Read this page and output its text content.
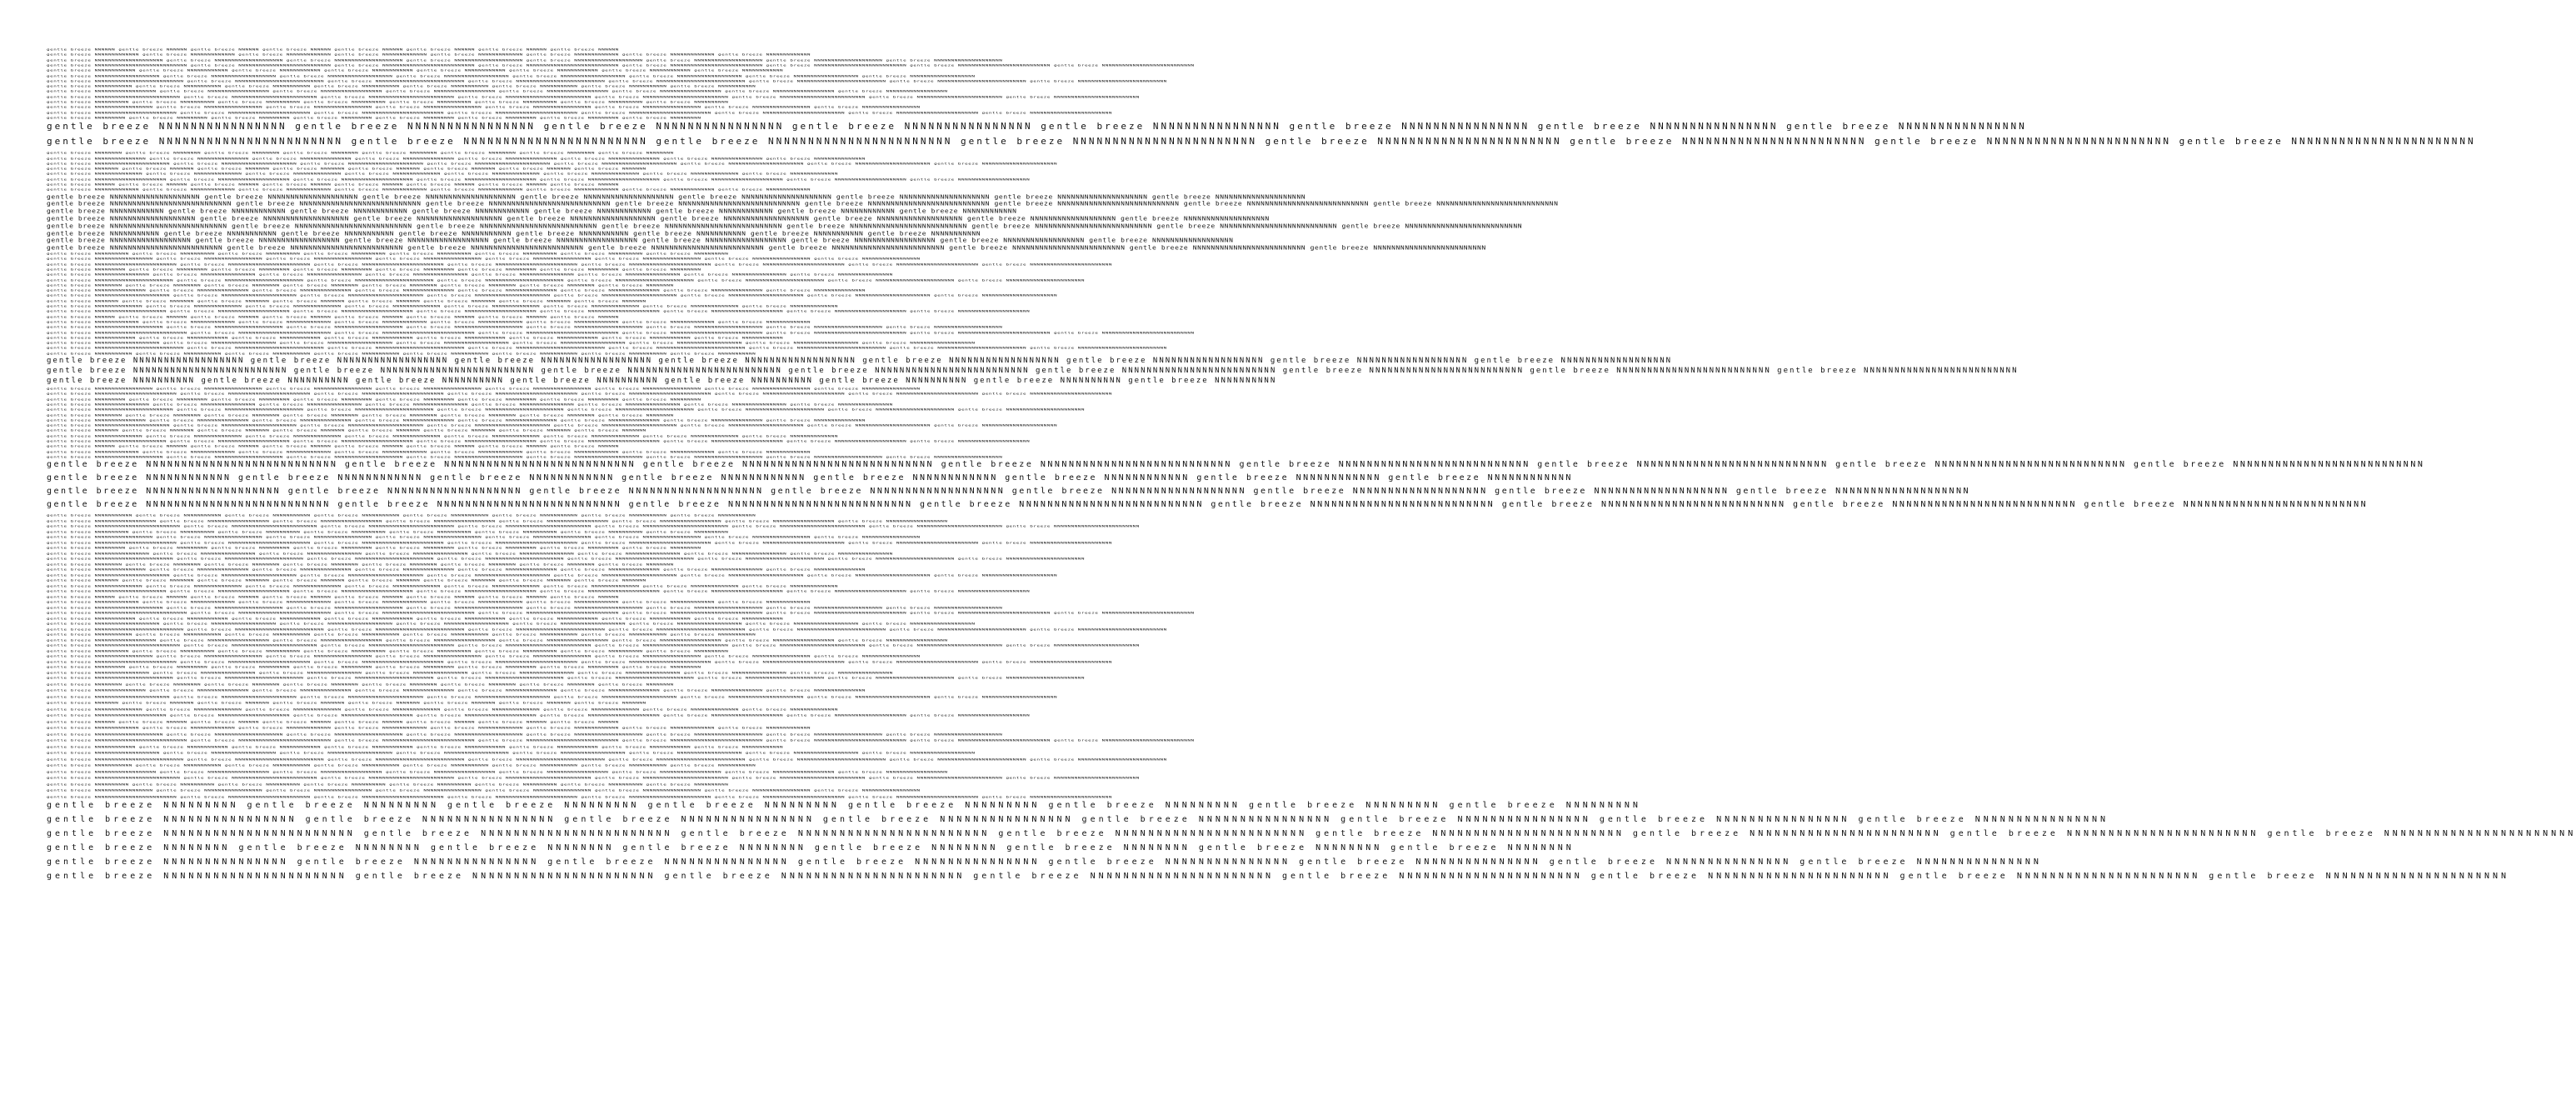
gentle breeze NNNNNN gentle breeze NNNNNN gentle breeze NNNNNN gentle breeze NNNNNN gentle breeze NNNNNN gentle breeze NNNNNN gentle breeze NNNNNN gentle breeze NNNNNN
gentle breeze NNNNNNNNNNNNN gentle breeze NNNNNNNNNNNNN gentle breeze NNNNNNNNNNNNN gentle breeze NNNNNNNNNNNNN gentle breeze NNNNNNNNNNNNN gentle breeze NNNNNNNNNNNNN gentle breeze NNNNNNNNNNNNN gentle breeze NNNNNNNNNNNNN
gentle breeze NNNNNNNNNNNNNNNNNNNN gentle breeze NNNNNNNNNNNNNNNNNNNN gentle breeze NNNNNNNNNNNNNNNNNNNN gentle breeze NNNNNNNNNNNNNNNNNNNN gentle breeze NNNNNNNNNNNNNNNNNNNN gentle breeze NNNNNNNNNNNNNNNNNNNN gentle breeze NNNNNNNNNNNNNNNNNNNN gentle breeze NNNNNNNNNNNNNNNNNNNN
gentle breeze NNNNNNNNNNNNNNNNNNNNNNNNNNN gentle breeze NNNNNNNNNNNNNNNNNNNNNNNNNNN gentle breeze NNNNNNNNNNNNNNNNNNNNNNNNNNN gentle breeze NNNNNNNNNNNNNNNNNNNNNNNNNNN gentle breeze NNNNNNNNNNNNNNNNNNNNNNNNNNN gentle breeze NNNNNNNNNNNNNNNNNNNNNNNNNNN gentle breeze NNNNNNNNNNNNNNNNNNNNNNNNNNN gentle breeze NNNNNNNNNNNNNNNNNNNNNNNNNNN
gentle breeze NNNNNNNNNNNN gentle breeze NNNNNNNNNNNN gentle breeze NNNNNNNNNNNN gentle breeze NNNNNNNNNNNN gentle breeze NNNNNNNNNNNN gentle breeze NNNNNNNNNNNN gentle breeze NNNNNNNNNNNN gentle breeze NNNNNNNNNNNN
gentle breeze NNNNNNNNNNNNNNNNNNN gentle breeze NNNNNNNNNNNNNNNNNNN gentle breeze NNNNNNNNNNNNNNNNNNN gentle breeze NNNNNNNNNNNNNNNNNNN gentle breeze NNNNNNNNNNNNNNNNNNN gentle breeze NNNNNNNNNNNNNNNNNNN gentle breeze NNNNNNNNNNNNNNNNNNN gentle breeze NNNNNNNNNNNNNNNNNNN
gentle breeze NNNNNNNNNNNNNNNNNNNNNNNNNN gentle breeze NNNNNNNNNNNNNNNNNNNNNNNNNN gentle breeze NNNNNNNNNNNNNNNNNNNNNNNNNN gentle breeze NNNNNNNNNNNNNNNNNNNNNNNNNN gentle breeze NNNNNNNNNNNNNNNNNNNNNNNNNN gentle breeze NNNNNNNNNNNNNNNNNNNNNNNNNN gentle breeze NNNNNNNNNNNNNNNNNNNNNNNNNN gentle breeze NNNNNNNNNNNNNNNNNNNNNNNNNN
gentle breeze NNNNNNNNNNN gentle breeze NNNNNNNNNNN gentle breeze NNNNNNNNNNN gentle breeze NNNNNNNNNNN gentle breeze NNNNNNNNNNN gentle breeze NNNNNNNNNNN gentle breeze NNNNNNNNNNN gentle breeze NNNNNNNNNNN
gentle breeze NNNNNNNNNNNNNNNNNN gentle breeze NNNNNNNNNNNNNNNNNN gentle breeze NNNNNNNNNNNNNNNNNN gentle breeze NNNNNNNNNNNNNNNNNN gentle breeze NNNNNNNNNNNNNNNNNN gentle breeze NNNNNNNNNNNNNNNNNN gentle breeze NNNNNNNNNNNNNNNNNN gentle breeze NNNNNNNNNNNNNNNNNN
gentle breeze NNNNNNNNNNNNNNNNNNNNNNNNN gentle breeze NNNNNNNNNNNNNNNNNNNNNNNNN gentle breeze NNNNNNNNNNNNNNNNNNNNNNNNN gentle breeze NNNNNNNNNNNNNNNNNNNNNNNNN gentle breeze NNNNNNNNNNNNNNNNNNNNNNNNN gentle breeze NNNNNNNNNNNNNNNNNNNNNNNNN gentle breeze NNNNNNNNNNNNNNNNNNNNNNNNN gentle breeze NNNNNNNNNNNNNNNNNNNNNNNNN
gentle breeze NNNNNNNNNN gentle breeze NNNNNNNNNN gentle breeze NNNNNNNNNN gentle breeze NNNNNNNNNN gentle breeze NNNNNNNNNN gentle breeze NNNNNNNNNN gentle breeze NNNNNNNNNN gentle breeze NNNNNNNNNN
gentle breeze NNNNNNNNNNNNNNNNN gentle breeze NNNNNNNNNNNNNNNNN gentle breeze NNNNNNNNNNNNNNNNN gentle breeze NNNNNNNNNNNNNNNNN gentle breeze NNNNNNNNNNNNNNNNN gentle breeze NNNNNNNNNNNNNNNNN gentle breeze NNNNNNNNNNNNNNNNN gentle breeze NNNNNNNNNNNNNNNNN
gentle breeze NNNNNNNNNNNNNNNNNNNNNNNN gentle breeze NNNNNNNNNNNNNNNNNNNNNNNN gentle breeze NNNNNNNNNNNNNNNNNNNNNNNN gentle breeze NNNNNNNNNNNNNNNNNNNNNNNN gentle breeze NNNNNNNNNNNNNNNNNNNNNNNN gentle breeze NNNNNNNNNNNNNNNNNNNNNNNN gentle breeze NNNNNNNNNNNNNNNNNNNNNNNN gentle breeze NNNNNNNNNNNNNNNNNNNNNNNN
gentle breeze NNNNNNNNN gentle breeze NNNNNNNNN gentle breeze NNNNNNNNN gentle breeze NNNNNNNNN gentle breeze NNNNNNNNN gentle breeze NNNNNNNNN gentle breeze NNNNNNNNN gentle breeze NNNNNNNNN
gentle breeze NNNNNNNNNNNNNNNN gentle breeze NNNNNNNNNNNNNNNN gentle breeze NNNNNNNNNNNNNNNN gentle breeze NNNNNNNNNNNNNNNN gentle breeze NNNNNNNNNNNNNNNN gentle breeze NNNNNNNNNNNNNNNN gentle breeze NNNNNNNNNNNNNNNN gentle breeze NNNNNNNNNNNNNNNN
gentle breeze NNNNNNNNNNNNNNNNNNNNNNN gentle breeze NNNNNNNNNNNNNNNNNNNNNNN gentle breeze NNNNNNNNNNNNNNNNNNNNNNN gentle breeze NNNNNNNNNNNNNNNNNNNNNNN gentle breeze NNNNNNNNNNNNNNNNNNNNNNN gentle breeze NNNNNNNNNNNNNNNNNNNNNNN gentle breeze NNNNNNNNNNNNNNNNNNNNNNN gentle breeze NNNNNNNNNNNNNNNNNNNNNNN
gentle breeze NNNNNNNN gentle breeze NNNNNNNN gentle breeze NNNNNNNN gentle breeze NNNNNNNN gentle breeze NNNNNNNN gentle breeze NNNNNNNN gentle breeze NNNNNNNN gentle breeze NNNNNNNN
gentle breeze NNNNNNNNNNNNNNN gentle breeze NNNNNNNNNNNNNNN gentle breeze NNNNNNNNNNNNNNN gentle breeze NNNNNNNNNNNNNNN gentle breeze NNNNNNNNNNNNNNN gentle breeze NNNNNNNNNNNNNNN gentle breeze NNNNNNNNNNNNNNN gentle breeze NNNNNNNNNNNNNNN
gentle breeze NNNNNNNNNNNNNNNNNNNNNN gentle breeze NNNNNNNNNNNNNNNNNNNNNN gentle breeze NNNNNNNNNNNNNNNNNNNNNN gentle breeze NNNNNNNNNNNNNNNNNNNNNN gentle breeze NNNNNNNNNNNNNNNNNNNNNN gentle breeze NNNNNNNNNNNNNNNNNNNNNN gentle breeze NNNNNNNNNNNNNNNNNNNNNN gentle breeze NNNNNNNNNNNNNNNNNNNNNN
gentle breeze NNNNNNN gentle breeze NNNNNNN gentle breeze NNNNNNN gentle breeze NNNNNNN gentle breeze NNNNNNN gentle breeze NNNNNNN gentle breeze NNNNNNN gentle breeze NNNNNNN
gentle breeze NNNNNNNNNNNNNN gentle breeze NNNNNNNNNNNNNN gentle breeze NNNNNNNNNNNNNN gentle breeze NNNNNNNNNNNNNN gentle breeze NNNNNNNNNNNNNN gentle breeze NNNNNNNNNNNNNN gentle breeze NNNNNNNNNNNNNN gentle breeze NNNNNNNNNNNNNN
gentle breeze NNNNNNNNNNNNNNNNNNNNN gentle breeze NNNNNNNNNNNNNNNNNNNNN gentle breeze NNNNNNNNNNNNNNNNNNNNN gentle breeze NNNNNNNNNNNNNNNNNNNNN gentle breeze NNNNNNNNNNNNNNNNNNNNN gentle breeze NNNNNNNNNNNNNNNNNNNNN gentle breeze NNNNNNNNNNNNNNNNNNNNN gentle breeze NNNNNNNNNNNNNNNNNNNNN
gentle breeze NNNNNN gentle breeze NNNNNN gentle breeze NNNNNN gentle breeze NNNNNN gentle breeze NNNNNN gentle breeze NNNNNN gentle breeze NNNNNN gentle breeze NNNNNN
gentle breeze NNNNNNNNNNNNN gentle breeze NNNNNNNNNNNNN gentle breeze NNNNNNNNNNNNN gentle breeze NNNNNNNNNNNNN gentle breeze NNNNNNNNNNNNN gentle breeze NNNNNNNNNNNNN gentle breeze NNNNNNNNNNNNN gentle breeze NNNNNNNNNNNNN
gentle breeze NNNNNNNNNNNNNNNNNNNN gentle breeze NNNNNNNNNNNNNNNNNNNN gentle breeze NNNNNNNNNNNNNNNNNNNN gentle breeze NNNNNNNNNNNNNNNNNNNN gentle breeze NNNNNNNNNNNNNNNNNNNN gentle breeze NNNNNNNNNNNNNNNNNNNN gentle breeze NNNNNNNNNNNNNNNNNNNN gentle breeze NNNNNNNNNNNNNNNNNNNN
gentle breeze NNNNNNNNNNNNNNNNNNNNNNNNNNN gentle breeze NNNNNNNNNNNNNNNNNNNNNNNNNNN gentle breeze NNNNNNNNNNNNNNNNNNNNNNNNNNN gentle breeze NNNNNNNNNNNNNNNNNNNNNNNNNNN gentle breeze NNNNNNNNNNNNNNNNNNNNNNNNNNN gentle breeze NNNNNNNNNNNNNNNNNNNNNNNNNNN gentle breeze NNNNNNNNNNNNNNNNNNNNNNNNNNN gentle breeze NNNNNNNNNNNNNNNNNNNNNNNNNNN
gentle breeze NNNNNNNNNNNN gentle breeze NNNNNNNNNNNN gentle breeze NNNNNNNNNNNN gentle breeze NNNNNNNNNNNN gentle breeze NNNNNNNNNNNN gentle breeze NNNNNNNNNNNN gentle breeze NNNNNNNNNNNN gentle breeze NNNNNNNNNNNN
gentle breeze NNNNNNNNNNNNNNNNNNN gentle breeze NNNNNNNNNNNNNNNNNNN gentle breeze NNNNNNNNNNNNNNNNNNN gentle breeze NNNNNNNNNNNNNNNNNNN gentle breeze NNNNNNNNNNNNNNNNNNN gentle breeze NNNNNNNNNNNNNNNNNNN gentle breeze NNNNNNNNNNNNNNNNNNN gentle breeze NNNNNNNNNNNNNNNNNNN
gentle breeze NNNNNNNNNNNNNNNNNNNNNNNNNN gentle breeze NNNNNNNNNNNNNNNNNNNNNNNNNN gentle breeze NNNNNNNNNNNNNNNNNNNNNNNNNN gentle breeze NNNNNNNNNNNNNNNNNNNNNNNNNN gentle breeze NNNNNNNNNNNNNNNNNNNNNNNNNN gentle breeze NNNNNNNNNNNNNNNNNNNNNNNNNN gentle breeze NNNNNNNNNNNNNNNNNNNNNNNNNN gentle breeze NNNNNNNNNNNNNNNNNNNNNNNNNN
gentle breeze NNNNNNNNNNN gentle breeze NNNNNNNNNNN gentle breeze NNNNNNNNNNN gentle breeze NNNNNNNNNNN gentle breeze NNNNNNNNNNN gentle breeze NNNNNNNNNNN gentle breeze NNNNNNNNNNN gentle breeze NNNNNNNNNNN
gentle breeze NNNNNNNNNNNNNNNNNN gentle breeze NNNNNNNNNNNNNNNNNN gentle breeze NNNNNNNNNNNNNNNNNN gentle breeze NNNNNNNNNNNNNNNNNN gentle breeze NNNNNNNNNNNNNNNNNN gentle breeze NNNNNNNNNNNNNNNNNN gentle breeze NNNNNNNNNNNNNNNNNN gentle breeze NNNNNNNNNNNNNNNNNN
gentle breeze NNNNNNNNNNNNNNNNNNNNNNNNN gentle breeze NNNNNNNNNNNNNNNNNNNNNNNNN gentle breeze NNNNNNNNNNNNNNNNNNNNNNNNN gentle breeze NNNNNNNNNNNNNNNNNNNNNNNNN gentle breeze NNNNNNNNNNNNNNNNNNNNNNNNN gentle breeze NNNNNNNNNNNNNNNNNNNNNNNNN gentle breeze NNNNNNNNNNNNNNNNNNNNNNNNN gentle breeze NNNNNNNNNNNNNNNNNNNNNNNNN
gentle breeze NNNNNNNNNN gentle breeze NNNNNNNNNN gentle breeze NNNNNNNNNN gentle breeze NNNNNNNNNN gentle breeze NNNNNNNNNN gentle breeze NNNNNNNNNN gentle breeze NNNNNNNNNN gentle breeze NNNNNNNNNN
gentle breeze NNNNNNNNNNNNNNNNN gentle breeze NNNNNNNNNNNNNNNNN gentle breeze NNNNNNNNNNNNNNNNN gentle breeze NNNNNNNNNNNNNNNNN gentle breeze NNNNNNNNNNNNNNNNN gentle breeze NNNNNNNNNNNNNNNNN gentle breeze NNNNNNNNNNNNNNNNN gentle breeze NNNNNNNNNNNNNNNNN
gentle breeze NNNNNNNNNNNNNNNNNNNNNNNN gentle breeze NNNNNNNNNNNNNNNNNNNNNNNN gentle breeze NNNNNNNNNNNNNNNNNNNNNNNN gentle breeze NNNNNNNNNNNNNNNNNNNNNNNN gentle breeze NNNNNNNNNNNNNNNNNNNNNNNN gentle breeze NNNNNNNNNNNNNNNNNNNNNNNN gentle breeze NNNNNNNNNNNNNNNNNNNNNNNN gentle breeze NNNNNNNNNNNNNNNNNNNNNNNN
gentle breeze NNNNNNNNN gentle breeze NNNNNNNNN gentle breeze NNNNNNNNN gentle breeze NNNNNNNNN gentle breeze NNNNNNNNN gentle breeze NNNNNNNNN gentle breeze NNNNNNNNN gentle breeze NNNNNNNNN
gentle breeze NNNNNNNNNNNNNNNN gentle breeze NNNNNNNNNNNNNNNN gentle breeze NNNNNNNNNNNNNNNN gentle breeze NNNNNNNNNNNNNNNN gentle breeze NNNNNNNNNNNNNNNN gentle breeze NNNNNNNNNNNNNNNN gentle breeze NNNNNNNNNNNNNNNN gentle breeze NNNNNNNNNNNNNNNN
gentle breeze NNNNNNNNNNNNNNNNNNNNNNN gentle breeze NNNNNNNNNNNNNNNNNNNNNNN gentle breeze NNNNNNNNNNNNNNNNNNNNNNN gentle breeze NNNNNNNNNNNNNNNNNNNNNNN gentle breeze NNNNNNNNNNNNNNNNNNNNNNN gentle breeze NNNNNNNNNNNNNNNNNNNNNNN gentle breeze NNNNNNNNNNNNNNNNNNNNNNN gentle breeze NNNNNNNNNNNNNNNNNNNNNNN
gentle breeze NNNNNNNN gentle breeze NNNNNNNN gentle breeze NNNNNNNN gentle breeze NNNNNNNN gentle breeze NNNNNNNN gentle breeze NNNNNNNN gentle breeze NNNNNNNN gentle breeze NNNNNNNN
gentle breeze NNNNNNNNNNNNNNN gentle breeze NNNNNNNNNNNNNNN gentle breeze NNNNNNNNNNNNNNN gentle breeze NNNNNNNNNNNNNNN gentle breeze NNNNNNNNNNNNNNN gentle breeze NNNNNNNNNNNNNNN gentle breeze NNNNNNNNNNNNNNN gentle breeze NNNNNNNNNNNNNNN
gentle breeze NNNNNNNNNNNNNNNNNNNNNN gentle breeze NNNNNNNNNNNNNNNNNNNNNN gentle breeze NNNNNNNNNNNNNNNNNNNNNN gentle breeze NNNNNNNNNNNNNNNNNNNNNN gentle breeze NNNNNNNNNNNNNNNNNNNNNN gentle breeze NNNNNNNNNNNNNNNNNNNNNN gentle breeze NNNNNNNNNNNNNNNNNNNNNN gentle breeze NNNNNNNNNNNNNNNNNNNNNN
gentle breeze NNNNNNN gentle breeze NNNNNNN gentle breeze NNNNNNN gentle breeze NNNNNNN gentle breeze NNNNNNN gentle breeze NNNNNNN gentle breeze NNNNNNN gentle breeze NNNNNNN
gentle breeze NNNNNNNNNNNNNN gentle breeze NNNNNNNNNNNNNN gentle breeze NNNNNNNNNNNNNN gentle breeze NNNNNNNNNNNNNN gentle breeze NNNNNNNNNNNNNN gentle breeze NNNNNNNNNNNNNN gentle breeze NNNNNNNNNNNNNN gentle breeze NNNNNNNNNNNNNN
gentle breeze NNNNNNNNNNNNNNNNNNNNN gentle breeze NNNNNNNNNNNNNNNNNNNNN gentle breeze NNNNNNNNNNNNNNNNNNNNN gentle breeze NNNNNNNNNNNNNNNNNNNNN gentle breeze NNNNNNNNNNNNNNNNNNNNN gentle breeze NNNNNNNNNNNNNNNNNNNNN gentle breeze NNNNNNNNNNNNNNNNNNNNN gentle breeze NNNNNNNNNNNNNNNNNNNNN
gentle breeze NNNNNN gentle breeze NNNNNN gentle breeze NNNNNN gentle breeze NNNNNN gentle breeze NNNNNN gentle breeze NNNNNN gentle breeze NNNNNN gentle breeze NNNNNN
gentle breeze NNNNNNNNNNNNN gentle breeze NNNNNNNNNNNNN gentle breeze NNNNNNNNNNNNN gentle breeze NNNNNNNNNNNNN gentle breeze NNNNNNNNNNNNN gentle breeze NNNNNNNNNNNNN gentle breeze NNNNNNNNNNNNN gentle breeze NNNNNNNNNNNNN
gentle breeze NNNNNNNNNNNNNNNNNNNN gentle breeze NNNNNNNNNNNNNNNNNNNN gentle breeze NNNNNNNNNNNNNNNNNNNN gentle breeze NNNNNNNNNNNNNNNNNNNN gentle breeze NNNNNNNNNNNNNNNNNNNN gentle breeze NNNNNNNNNNNNNNNNNNNN gentle breeze NNNNNNNNNNNNNNNNNNNN gentle breeze NNNNNNNNNNNNNNNNNNNN
gentle breeze NNNNNNNNNNNNNNNNNNNNNNNNNNN gentle breeze NNNNNNNNNNNNNNNNNNNNNNNNNNN gentle breeze NNNNNNNNNNNNNNNNNNNNNNNNNNN gentle breeze NNNNNNNNNNNNNNNNNNNNNNNNNNN gentle breeze NNNNNNNNNNNNNNNNNNNNNNNNNNN gentle breeze NNNNNNNNNNNNNNNNNNNNNNNNNNN gentle breeze NNNNNNNNNNNNNNNNNNNNNNNNNNN gentle breeze NNNNNNNNNNNNNNNNNNNNNNNNNNN
gentle breeze NNNNNNNNNNNN gentle breeze NNNNNNNNNNNN gentle breeze NNNNNNNNNNNN gentle breeze NNNNNNNNNNNN gentle breeze NNNNNNNNNNNN gentle breeze NNNNNNNNNNNN gentle breeze NNNNNNNNNNNN gentle breeze NNNNNNNNNNNN
gentle breeze NNNNNNNNNNNNNNNNNNN gentle breeze NNNNNNNNNNNNNNNNNNN gentle breeze NNNNNNNNNNNNNNNNNNN gentle breeze NNNNNNNNNNNNNNNNNNN gentle breeze NNNNNNNNNNNNNNNNNNN gentle breeze NNNNNNNNNNNNNNNNNNN gentle breeze NNNNNNNNNNNNNNNNNNN gentle breeze NNNNNNNNNNNNNNNNNNN
gentle breeze NNNNNNNNNNNNNNNNNNNNNNNNNN gentle breeze NNNNNNNNNNNNNNNNNNNNNNNNNN gentle breeze NNNNNNNNNNNNNNNNNNNNNNNNNN gentle breeze NNNNNNNNNNNNNNNNNNNNNNNNNN gentle breeze NNNNNNNNNNNNNNNNNNNNNNNNNN gentle breeze NNNNNNNNNNNNNNNNNNNNNNNNNN gentle breeze NNNNNNNNNNNNNNNNNNNNNNNNNN gentle breeze NNNNNNNNNNNNNNNNNNNNNNNNNN
gentle breeze NNNNNNNNNNN gentle breeze NNNNNNNNNNN gentle breeze NNNNNNNNNNN gentle breeze NNNNNNNNNNN gentle breeze NNNNNNNNNNN gentle breeze NNNNNNNNNNN gentle breeze NNNNNNNNNNN gentle breeze NNNNNNNNNNN
gentle breeze NNNNNNNNNNNNNNNNNN gentle breeze NNNNNNNNNNNNNNNNNN gentle breeze NNNNNNNNNNNNNNNNNN gentle breeze NNNNNNNNNNNNNNNNNN gentle breeze NNNNNNNNNNNNNNNNNN gentle breeze NNNNNNNNNNNNNNNNNN gentle breeze NNNNNNNNNNNNNNNNNN gentle breeze NNNNNNNNNNNNNNNNNN
gentle breeze NNNNNNNNNNNNNNNNNNNNNNNNN gentle breeze NNNNNNNNNNNNNNNNNNNNNNNNN gentle breeze NNNNNNNNNNNNNNNNNNNNNNNNN gentle breeze NNNNNNNNNNNNNNNNNNNNNNNNN gentle breeze NNNNNNNNNNNNNNNNNNNNNNNNN gentle breeze NNNNNNNNNNNNNNNNNNNNNNNNN gentle breeze NNNNNNNNNNNNNNNNNNNNNNNNN gentle breeze NNNNNNNNNNNNNNNNNNNNNNNNN
gentle breeze NNNNNNNNNN gentle breeze NNNNNNNNNN gentle breeze NNNNNNNNNN gentle breeze NNNNNNNNNN gentle breeze NNNNNNNNNN gentle breeze NNNNNNNNNN gentle breeze NNNNNNNNNN gentle breeze NNNNNNNNNN
gentle breeze NNNNNNNNNNNNNNNNN gentle breeze NNNNNNNNNNNNNNNNN gentle breeze NNNNNNNNNNNNNNNNN gentle breeze NNNNNNNNNNNNNNNNN gentle breeze NNNNNNNNNNNNNNNNN gentle breeze NNNNNNNNNNNNNNNNN gentle breeze NNNNNNNNNNNNNNNNN gentle breeze NNNNNNNNNNNNNNNNN
gentle breeze NNNNNNNNNNNNNNNNNNNNNNNN gentle breeze NNNNNNNNNNNNNNNNNNNNNNNN gentle breeze NNNNNNNNNNNNNNNNNNNNNNNN gentle breeze NNNNNNNNNNNNNNNNNNNNNNNN gentle breeze NNNNNNNNNNNNNNNNNNNNNNNN gentle breeze NNNNNNNNNNNNNNNNNNNNNNNN gentle breeze NNNNNNNNNNNNNNNNNNNNNNNN gentle breeze NNNNNNNNNNNNNNNNNNNNNNNN
gentle breeze NNNNNNNNN gentle breeze NNNNNNNNN gentle breeze NNNNNNNNN gentle breeze NNNNNNNNN gentle breeze NNNNNNNNN gentle breeze NNNNNNNNN gentle breeze NNNNNNNNN gentle breeze NNNNNNNNN
gentle breeze NNNNNNNNNNNNNNNN gentle breeze NNNNNNNNNNNNNNNN gentle breeze NNNNNNNNNNNNNNNN gentle breeze NNNNNNNNNNNNNNNN gentle breeze NNNNNNNNNNNNNNNN gentle breeze NNNNNNNNNNNNNNNN gentle breeze NNNNNNNNNNNNNNNN gentle breeze NNNNNNNNNNNNNNNN
gentle breeze NNNNNNNNNNNNNNNNNNNNNNN gentle breeze NNNNNNNNNNNNNNNNNNNNNNN gentle breeze NNNNNNNNNNNNNNNNNNNNNNN gentle breeze NNNNNNNNNNNNNNNNNNNNNNN gentle breeze NNNNNNNNNNNNNNNNNNNNNNN gentle breeze NNNNNNNNNNNNNNNNNNNNNNN gentle breeze NNNNNNNNNNNNNNNNNNNNNNN gentle breeze NNNNNNNNNNNNNNNNNNNNNNN
gentle breeze NNNNNNNN gentle breeze NNNNNNNN gentle breeze NNNNNNNN gentle breeze NNNNNNNN gentle breeze NNNNNNNN gentle breeze NNNNNNNN gentle breeze NNNNNNNN gentle breeze NNNNNNNN
gentle breeze NNNNNNNNNNNNNNN gentle breeze NNNNNNNNNNNNNNN gentle breeze NNNNNNNNNNNNNNN gentle breeze NNNNNNNNNNNNNNN gentle breeze NNNNNNNNNNNNNNN gentle breeze NNNNNNNNNNNNNNN gentle breeze NNNNNNNNNNNNNNN gentle breeze NNNNNNNNNNNNNNN
gentle breeze NNNNNNNNNNNNNNNNNNNNNN gentle breeze NNNNNNNNNNNNNNNNNNNNNN gentle breeze NNNNNNNNNNNNNNNNNNNNNN gentle breeze NNNNNNNNNNNNNNNNNNNNNN gentle breeze NNNNNNNNNNNNNNNNNNNNNN gentle breeze NNNNNNNNNNNNNNNNNNNNNN gentle breeze NNNNNNNNNNNNNNNNNNNNNN gentle breeze NNNNNNNNNNNNNNNNNNNNNN
gentle breeze NNNNNNN gentle breeze NNNNNNN gentle breeze NNNNNNN gentle breeze NNNNNNN gentle breeze NNNNNNN gentle breeze NNNNNNN gentle breeze NNNNNNN gentle breeze NNNNNNN
gentle breeze NNNNNNNNNNNNNN gentle breeze NNNNNNNNNNNNNN gentle breeze NNNNNNNNNNNNNN gentle breeze NNNNNNNNNNNNNN gentle breeze NNNNNNNNNNNNNN gentle breeze NNNNNNNNNNNNNN gentle breeze NNNNNNNNNNNNNN gentle breeze NNNNNNNNNNNNNN
gentle breeze NNNNNNNNNNNNNNNNNNNNN gentle breeze NNNNNNNNNNNNNNNNNNNNN gentle breeze NNNNNNNNNNNNNNNNNNNNN gentle breeze NNNNNNNNNNNNNNNNNNNNN gentle breeze NNNNNNNNNNNNNNNNNNNNN gentle breeze NNNNNNNNNNNNNNNNNNNNN gentle breeze NNNNNNNNNNNNNNNNNNNNN gentle breeze NNNNNNNNNNNNNNNNNNNNN
gentle breeze NNNNNN gentle breeze NNNNNN gentle breeze NNNNNN gentle breeze NNNNNN gentle breeze NNNNNN gentle breeze NNNNNN gentle breeze NNNNNN gentle breeze NNNNNN
gentle breeze NNNNNNNNNNNNN gentle breeze NNNNNNNNNNNNN gentle breeze NNNNNNNNNNNNN gentle breeze NNNNNNNNNNNNN gentle breeze NNNNNNNNNNNNN gentle breeze NNNNNNNNNNNNN gentle breeze NNNNNNNNNNNNN gentle breeze NNNNNNNNNNNNN
gentle breeze NNNNNNNNNNNNNNNNNNNN gentle breeze NNNNNNNNNNNNNNNNNNNN gentle breeze NNNNNNNNNNNNNNNNNNNN gentle breeze NNNNNNNNNNNNNNNNNNNN gentle breeze NNNNNNNNNNNNNNNNNNNN gentle breeze NNNNNNNNNNNNNNNNNNNN gentle breeze NNNNNNNNNNNNNNNNNNNN gentle breeze NNNNNNNNNNNNNNNNNNNN
gentle breeze NNNNNNNNNNNNNNNNNNNNNNNNNNN gentle breeze NNNNNNNNNNNNNNNNNNNNNNNNNNN gentle breeze NNNNNNNNNNNNNNNNNNNNNNNNNNN gentle breeze NNNNNNNNNNNNNNNNNNNNNNNNNNN gentle breeze NNNNNNNNNNNNNNNNNNNNNNNNNNN gentle breeze NNNNNNNNNNNNNNNNNNNNNNNNNNN gentle breeze NNNNNNNNNNNNNNNNNNNNNNNNNNN gentle breeze NNNNNNNNNNNNNNNNNNNNNNNNNNN
gentle breeze NNNNNNNNNNNN gentle breeze NNNNNNNNNNNN gentle breeze NNNNNNNNNNNN gentle breeze NNNNNNNNNNNN gentle breeze NNNNNNNNNNNN gentle breeze NNNNNNNNNNNN gentle breeze NNNNNNNNNNNN gentle breeze NNNNNNNNNNNN
gentle breeze NNNNNNNNNNNNNNNNNNN gentle breeze NNNNNNNNNNNNNNNNNNN gentle breeze NNNNNNNNNNNNNNNNNNN gentle breeze NNNNNNNNNNNNNNNNNNN gentle breeze NNNNNNNNNNNNNNNNNNN gentle breeze NNNNNNNNNNNNNNNNNNN gentle breeze NNNNNNNNNNNNNNNNNNN gentle breeze NNNNNNNNNNNNNNNNNNN
gentle breeze NNNNNNNNNNNNNNNNNNNNNNNNNN gentle breeze NNNNNNNNNNNNNNNNNNNNNNNNNN gentle breeze NNNNNNNNNNNNNNNNNNNNNNNNNN gentle breeze NNNNNNNNNNNNNNNNNNNNNNNNNN gentle breeze NNNNNNNNNNNNNNNNNNNNNNNNNN gentle breeze NNNNNNNNNNNNNNNNNNNNNNNNNN gentle breeze NNNNNNNNNNNNNNNNNNNNNNNNNN gentle breeze NNNNNNNNNNNNNNNNNNNNNNNNNN
gentle breeze NNNNNNNNNNN gentle breeze NNNNNNNNNNN gentle breeze NNNNNNNNNNN gentle breeze NNNNNNNNNNN gentle breeze NNNNNNNNNNN gentle breeze NNNNNNNNNNN gentle breeze NNNNNNNNNNN gentle breeze NNNNNNNNNNN
gentle breeze NNNNNNNNNNNNNNNNNN gentle breeze NNNNNNNNNNNNNNNNNN gentle breeze NNNNNNNNNNNNNNNNNN gentle breeze NNNNNNNNNNNNNNNNNN gentle breeze NNNNNNNNNNNNNNNNNN gentle breeze NNNNNNNNNNNNNNNNNN gentle breeze NNNNNNNNNNNNNNNNNN gentle breeze NNNNNNNNNNNNNNNNNN
gentle breeze NNNNNNNNNNNNNNNNNNNNNNNNN gentle breeze NNNNNNNNNNNNNNNNNNNNNNNNN gentle breeze NNNNNNNNNNNNNNNNNNNNNNNNN gentle breeze NNNNNNNNNNNNNNNNNNNNNNNNN gentle breeze NNNNNNNNNNNNNNNNNNNNNNNNN gentle breeze NNNNNNNNNNNNNNNNNNNNNNNNN gentle breeze NNNNNNNNNNNNNNNNNNNNNNNNN gentle breeze NNNNNNNNNNNNNNNNNNNNNNNNN
gentle breeze NNNNNNNNNN gentle breeze NNNNNNNNNN gentle breeze NNNNNNNNNN gentle breeze NNNNNNNNNN gentle breeze NNNNNNNNNN gentle breeze NNNNNNNNNN gentle breeze NNNNNNNNNN gentle breeze NNNNNNNNNN
gentle breeze NNNNNNNNNNNNNNNNN gentle breeze NNNNNNNNNNNNNNNNN gentle breeze NNNNNNNNNNNNNNNNN gentle breeze NNNNNNNNNNNNNNNNN gentle breeze NNNNNNNNNNNNNNNNN gentle breeze NNNNNNNNNNNNNNNNN gentle breeze NNNNNNNNNNNNNNNNN gentle breeze NNNNNNNNNNNNNNNNN
gentle breeze NNNNNNNNNNNNNNNNNNNNNNNN gentle breeze NNNNNNNNNNNNNNNNNNNNNNNN gentle breeze NNNNNNNNNNNNNNNNNNNNNNNN gentle breeze NNNNNNNNNNNNNNNNNNNNNNNN gentle breeze NNNNNNNNNNNNNNNNNNNNNNNN gentle breeze NNNNNNNNNNNNNNNNNNNNNNNN gentle breeze NNNNNNNNNNNNNNNNNNNNNNNN gentle breeze NNNNNNNNNNNNNNNNNNNNNNNN
gentle breeze NNNNNNNNN gentle breeze NNNNNNNNN gentle breeze NNNNNNNNN gentle breeze NNNNNNNNN gentle breeze NNNNNNNNN gentle breeze NNNNNNNNN gentle breeze NNNNNNNNN gentle breeze NNNNNNNNN
gentle breeze NNNNNNNNNNNNNNNN gentle breeze NNNNNNNNNNNNNNNN gentle breeze NNNNNNNNNNNNNNNN gentle breeze NNNNNNNNNNNNNNNN gentle breeze NNNNNNNNNNNNNNNN gentle breeze NNNNNNNNNNNNNNNN gentle breeze NNNNNNNNNNNNNNNN gentle breeze NNNNNNNNNNNNNNNN
gentle breeze NNNNNNNNNNNNNNNNNNNNNNN gentle breeze NNNNNNNNNNNNNNNNNNNNNNN gentle breeze NNNNNNNNNNNNNNNNNNNNNNN gentle breeze NNNNNNNNNNNNNNNNNNNNNNN gentle breeze NNNNNNNNNNNNNNNNNNNNNNN gentle breeze NNNNNNNNNNNNNNNNNNNNNNN gentle breeze NNNNNNNNNNNNNNNNNNNNNNN gentle breeze NNNNNNNNNNNNNNNNNNNNNNN
gentle breeze NNNNNNNN gentle breeze NNNNNNNN gentle breeze NNNNNNNN gentle breeze NNNNNNNN gentle breeze NNNNNNNN gentle breeze NNNNNNNN gentle breeze NNNNNNNN gentle breeze NNNNNNNN
gentle breeze NNNNNNNNNNNNNNN gentle breeze NNNNNNNNNNNNNNN gentle breeze NNNNNNNNNNNNNNN gentle breeze NNNNNNNNNNNNNNN gentle breeze NNNNNNNNNNNNNNN gentle breeze NNNNNNNNNNNNNNN gentle breeze NNNNNNNNNNNNNNN gentle breeze NNNNNNNNNNNNNNN
gentle breeze NNNNNNNNNNNNNNNNNNNNNN gentle breeze NNNNNNNNNNNNNNNNNNNNNN gentle breeze NNNNNNNNNNNNNNNNNNNNNN gentle breeze NNNNNNNNNNNNNNNNNNNNNN gentle breeze NNNNNNNNNNNNNNNNNNNNNN gentle breeze NNNNNNNNNNNNNNNNNNNNNN gentle breeze NNNNNNNNNNNNNNNNNNNNNN gentle breeze NNNNNNNNNNNNNNNNNNNNNN
gentle breeze NNNNNNN gentle breeze NNNNNNN gentle breeze NNNNNNN gentle breeze NNNNNNN gentle breeze NNNNNNN gentle breeze NNNNNNN gentle breeze NNNNNNN gentle breeze NNNNNNN
gentle breeze NNNNNNNNNNNNNN gentle breeze NNNNNNNNNNNNNN gentle breeze NNNNNNNNNNNNNN gentle breeze NNNNNNNNNNNNNN gentle breeze NNNNNNNNNNNNNN gentle breeze NNNNNNNNNNNNNN gentle breeze NNNNNNNNNNNNNN gentle breeze NNNNNNNNNNNNNN
gentle breeze NNNNNNNNNNNNNNNNNNNNN gentle breeze NNNNNNNNNNNNNNNNNNNNN gentle breeze NNNNNNNNNNNNNNNNNNNNN gentle breeze NNNNNNNNNNNNNNNNNNNNN gentle breeze NNNNNNNNNNNNNNNNNNNNN gentle breeze NNNNNNNNNNNNNNNNNNNNN gentle breeze NNNNNNNNNNNNNNNNNNNNN gentle breeze NNNNNNNNNNNNNNNNNNNNN
gentle breeze NNNNNN gentle breeze NNNNNN gentle breeze NNNNNN gentle breeze NNNNNN gentle breeze NNNNNN gentle breeze NNNNNN gentle breeze NNNNNN gentle breeze NNNNNN
gentle breeze NNNNNNNNNNNNN gentle breeze NNNNNNNNNNNNN gentle breeze NNNNNNNNNNNNN gentle breeze NNNNNNNNNNNNN gentle breeze NNNNNNNNNNNNN gentle breeze NNNNNNNNNNNNN gentle breeze NNNNNNNNNNNNN gentle breeze NNNNNNNNNNNNN
gentle breeze NNNNNNNNNNNNNNNNNNNN gentle breeze NNNNNNNNNNNNNNNNNNNN gentle breeze NNNNNNNNNNNNNNNNNNNN gentle breeze NNNNNNNNNNNNNNNNNNNN gentle breeze NNNNNNNNNNNNNNNNNNNN gentle breeze NNNNNNNNNNNNNNNNNNNN gentle breeze NNNNNNNNNNNNNNNNNNNN gentle breeze NNNNNNNNNNNNNNNNNNNN
gentle breeze NNNNNNNNNNNNNNNNNNNNNNNNNNN gentle breeze NNNNNNNNNNNNNNNNNNNNNNNNNNN gentle breeze NNNNNNNNNNNNNNNNNNNNNNNNNNN gentle breeze NNNNNNNNNNNNNNNNNNNNNNNNNNN gentle breeze NNNNNNNNNNNNNNNNNNNNNNNNNNN gentle breeze NNNNNNNNNNNNNNNNNNNNNNNNNNN gentle breeze NNNNNNNNNNNNNNNNNNNNNNNNNNN gentle breeze NNNNNNNNNNNNNNNNNNNNNNNNNNN
gentle breeze NNNNNNNNNNNN gentle breeze NNNNNNNNNNNN gentle breeze NNNNNNNNNNNN gentle breeze NNNNNNNNNNNN gentle breeze NNNNNNNNNNNN gentle breeze NNNNNNNNNNNN gentle breeze NNNNNNNNNNNN gentle breeze NNNNNNNNNNNN
gentle breeze NNNNNNNNNNNNNNNNNNN gentle breeze NNNNNNNNNNNNNNNNNNN gentle breeze NNNNNNNNNNNNNNNNNNN gentle breeze NNNNNNNNNNNNNNNNNNN gentle breeze NNNNNNNNNNNNNNNNNNN gentle breeze NNNNNNNNNNNNNNNNNNN gentle breeze NNNNNNNNNNNNNNNNNNN gentle breeze NNNNNNNNNNNNNNNNNNN
gentle breeze NNNNNNNNNNNNNNNNNNNNNNNNNN gentle breeze NNNNNNNNNNNNNNNNNNNNNNNNNN gentle breeze NNNNNNNNNNNNNNNNNNNNNNNNNN gentle breeze NNNNNNNNNNNNNNNNNNNNNNNNNN gentle breeze NNNNNNNNNNNNNNNNNNNNNNNNNN gentle breeze NNNNNNNNNNNNNNNNNNNNNNNNNN gentle breeze NNNNNNNNNNNNNNNNNNNNNNNNNN gentle breeze NNNNNNNNNNNNNNNNNNNNNNNNNN
gentle breeze NNNNNNNNNNN gentle breeze NNNNNNNNNNN gentle breeze NNNNNNNNNNN gentle breeze NNNNNNNNNNN gentle breeze NNNNNNNNNNN gentle breeze NNNNNNNNNNN gentle breeze NNNNNNNNNNN gentle breeze NNNNNNNNNNN
gentle breeze NNNNNNNNNNNNNNNNNN gentle breeze NNNNNNNNNNNNNNNNNN gentle breeze NNNNNNNNNNNNNNNNNN gentle breeze NNNNNNNNNNNNNNNNNN gentle breeze NNNNNNNNNNNNNNNNNN gentle breeze NNNNNNNNNNNNNNNNNN gentle breeze NNNNNNNNNNNNNNNNNN gentle breeze NNNNNNNNNNNNNNNNNN
gentle breeze NNNNNNNNNNNNNNNNNNNNNNNNN gentle breeze NNNNNNNNNNNNNNNNNNNNNNNNN gentle breeze NNNNNNNNNNNNNNNNNNNNNNNNN gentle breeze NNNNNNNNNNNNNNNNNNNNNNNNN gentle breeze NNNNNNNNNNNNNNNNNNNNNNNNN gentle breeze NNNNNNNNNNNNNNNNNNNNNNNNN gentle breeze NNNNNNNNNNNNNNNNNNNNNNNNN gentle breeze NNNNNNNNNNNNNNNNNNNNNNNNN
gentle breeze NNNNNNNNNN gentle breeze NNNNNNNNNN gentle breeze NNNNNNNNNN gentle breeze NNNNNNNNNN gentle breeze NNNNNNNNNN gentle breeze NNNNNNNNNN gentle breeze NNNNNNNNNN gentle breeze NNNNNNNNNN
gentle breeze NNNNNNNNNNNNNNNNN gentle breeze NNNNNNNNNNNNNNNNN gentle breeze NNNNNNNNNNNNNNNNN gentle breeze NNNNNNNNNNNNNNNNN gentle breeze NNNNNNNNNNNNNNNNN gentle breeze NNNNNNNNNNNNNNNNN gentle breeze NNNNNNNNNNNNNNNNN gentle breeze NNNNNNNNNNNNNNNNN
gentle breeze NNNNNNNNNNNNNNNNNNNNNNNN gentle breeze NNNNNNNNNNNNNNNNNNNNNNNN gentle breeze NNNNNNNNNNNNNNNNNNNNNNNN gentle breeze NNNNNNNNNNNNNNNNNNNNNNNN gentle breeze NNNNNNNNNNNNNNNNNNNNNNNN gentle breeze NNNNNNNNNNNNNNNNNNNNNNNN gentle breeze NNNNNNNNNNNNNNNNNNNNNNNN gentle breeze NNNNNNNNNNNNNNNNNNNNNNNN
gentle breeze NNNNNNNNN gentle breeze NNNNNNNNN gentle breeze NNNNNNNNN gentle breeze NNNNNNNNN gentle breeze NNNNNNNNN gentle breeze NNNNNNNNN gentle breeze NNNNNNNNN gentle breeze NNNNNNNNN
gentle breeze NNNNNNNNNNNNNNNN gentle breeze NNNNNNNNNNNNNNNN gentle breeze NNNNNNNNNNNNNNNN gentle breeze NNNNNNNNNNNNNNNN gentle breeze NNNNNNNNNNNNNNNN gentle breeze NNNNNNNNNNNNNNNN gentle breeze NNNNNNNNNNNNNNNN gentle breeze NNNNNNNNNNNNNNNN
gentle breeze NNNNNNNNNNNNNNNNNNNNNNN gentle breeze NNNNNNNNNNNNNNNNNNNNNNN gentle breeze NNNNNNNNNNNNNNNNNNNNNNN gentle breeze NNNNNNNNNNNNNNNNNNNNNNN gentle breeze NNNNNNNNNNNNNNNNNNNNNNN gentle breeze NNNNNNNNNNNNNNNNNNNNNNN gentle breeze NNNNNNNNNNNNNNNNNNNNNNN gentle breeze NNNNNNNNNNNNNNNNNNNNNNN
gentle breeze NNNNNNNN gentle breeze NNNNNNNN gentle breeze NNNNNNNN gentle breeze NNNNNNNN gentle breeze NNNNNNNN gentle breeze NNNNNNNN gentle breeze NNNNNNNN gentle breeze NNNNNNNN
gentle breeze NNNNNNNNNNNNNNN gentle breeze NNNNNNNNNNNNNNN gentle breeze NNNNNNNNNNNNNNN gentle breeze NNNNNNNNNNNNNNN gentle breeze NNNNNNNNNNNNNNN gentle breeze NNNNNNNNNNNNNNN gentle breeze NNNNNNNNNNNNNNN gentle breeze NNNNNNNNNNNNNNN
gentle breeze NNNNNNNNNNNNNNNNNNNNNN gentle breeze NNNNNNNNNNNNNNNNNNNNNN gentle breeze NNNNNNNNNNNNNNNNNNNNNN gentle breeze NNNNNNNNNNNNNNNNNNNNNN gentle breeze NNNNNNNNNNNNNNNNNNNNNN gentle breeze NNNNNNNNNNNNNNNNNNNNNN gentle breeze NNNNNNNNNNNNNNNNNNNNNN gentle breeze NNNNNNNNNNNNNNNNNNNNNN
gentle breeze NNNNNNN gentle breeze NNNNNNN gentle breeze NNNNNNN gentle breeze NNNNNNN gentle breeze NNNNNNN gentle breeze NNNNNNN gentle breeze NNNNNNN gentle breeze NNNNNNN
gentle breeze NNNNNNNNNNNNNN gentle breeze NNNNNNNNNNNNNN gentle breeze NNNNNNNNNNNNNN gentle breeze NNNNNNNNNNNNNN gentle breeze NNNNNNNNNNNNNN gentle breeze NNNNNNNNNNNNNN gentle breeze NNNNNNNNNNNNNN gentle breeze NNNNNNNNNNNNNN
gentle breeze NNNNNNNNNNNNNNNNNNNNN gentle breeze NNNNNNNNNNNNNNNNNNNNN gentle breeze NNNNNNNNNNNNNNNNNNNNN gentle breeze NNNNNNNNNNNNNNNNNNNNN gentle breeze NNNNNNNNNNNNNNNNNNNNN gentle breeze NNNNNNNNNNNNNNNNNNNNN gentle breeze NNNNNNNNNNNNNNNNNNNNN gentle breeze NNNNNNNNNNNNNNNNNNNNN
gentle breeze NNNNNN gentle breeze NNNNNN gentle breeze NNNNNN gentle breeze NNNNNN gentle breeze NNNNNN gentle breeze NNNNNN gentle breeze NNNNNN gentle breeze NNNNNN
gentle breeze NNNNNNNNNNNNN gentle breeze NNNNNNNNNNNNN gentle breeze NNNNNNNNNNNNN gentle breeze NNNNNNNNNNNNN gentle breeze NNNNNNNNNNNNN gentle breeze NNNNNNNNNNNNN gentle breeze NNNNNNNNNNNNN gentle breeze NNNNNNNNNNNNN
gentle breeze NNNNNNNNNNNNNNNNNNNN gentle breeze NNNNNNNNNNNNNNNNNNNN gentle breeze NNNNNNNNNNNNNNNNNNNN gentle breeze NNNNNNNNNNNNNNNNNNNN gentle breeze NNNNNNNNNNNNNNNNNNNN gentle breeze NNNNNNNNNNNNNNNNNNNN gentle breeze NNNNNNNNNNNNNNNNNNNN gentle breeze NNNNNNNNNNNNNNNNNNNN
gentle breeze NNNNNNNNNNNNNNNNNNNNNNNNNNN gentle breeze NNNNNNNNNNNNNNNNNNNNNNNNNNN gentle breeze NNNNNNNNNNNNNNNNNNNNNNNNNNN gentle breeze NNNNNNNNNNNNNNNNNNNNNNNNNNN gentle breeze NNNNNNNNNNNNNNNNNNNNNNNNNNN gentle breeze NNNNNNNNNNNNNNNNNNNNNNNNNNN gentle breeze NNNNNNNNNNNNNNNNNNNNNNNNNNN gentle breeze NNNNNNNNNNNNNNNNNNNNNNNNNNN
gentle breeze NNNNNNNNNNNN gentle breeze NNNNNNNNNNNN gentle breeze NNNNNNNNNNNN gentle breeze NNNNNNNNNNNN gentle breeze NNNNNNNNNNNN gentle breeze NNNNNNNNNNNN gentle breeze NNNNNNNNNNNN gentle breeze NNNNNNNNNNNN
gentle breeze NNNNNNNNNNNNNNNNNNN gentle breeze NNNNNNNNNNNNNNNNNNN gentle breeze NNNNNNNNNNNNNNNNNNN gentle breeze NNNNNNNNNNNNNNNNNNN gentle breeze NNNNNNNNNNNNNNNNNNN gentle breeze NNNNNNNNNNNNNNNNNNN gentle breeze NNNNNNNNNNNNNNNNNNN gentle breeze NNNNNNNNNNNNNNNNNNN
gentle breeze NNNNNNNNNNNNNNNNNNNNNNNNNN gentle breeze NNNNNNNNNNNNNNNNNNNNNNNNNN gentle breeze NNNNNNNNNNNNNNNNNNNNNNNNNN gentle breeze NNNNNNNNNNNNNNNNNNNNNNNNNN gentle breeze NNNNNNNNNNNNNNNNNNNNNNNNNN gentle breeze NNNNNNNNNNNNNNNNNNNNNNNNNN gentle breeze NNNNNNNNNNNNNNNNNNNNNNNNNN gentle breeze NNNNNNNNNNNNNNNNNNNNNNNNNN
gentle breeze NNNNNNNNNNN gentle breeze NNNNNNNNNNN gentle breeze NNNNNNNNNNN gentle breeze NNNNNNNNNNN gentle breeze NNNNNNNNNNN gentle breeze NNNNNNNNNNN gentle breeze NNNNNNNNNNN gentle breeze NNNNNNNNNNN
gentle breeze NNNNNNNNNNNNNNNNNN gentle breeze NNNNNNNNNNNNNNNNNN gentle breeze NNNNNNNNNNNNNNNNNN gentle breeze NNNNNNNNNNNNNNNNNN gentle breeze NNNNNNNNNNNNNNNNNN gentle breeze NNNNNNNNNNNNNNNNNN gentle breeze NNNNNNNNNNNNNNNNNN gentle breeze NNNNNNNNNNNNNNNNNN
gentle breeze NNNNNNNNNNNNNNNNNNNNNNNNN gentle breeze NNNNNNNNNNNNNNNNNNNNNNNNN gentle breeze NNNNNNNNNNNNNNNNNNNNNNNNN gentle breeze NNNNNNNNNNNNNNNNNNNNNNNNN gentle breeze NNNNNNNNNNNNNNNNNNNNNNNNN gentle breeze NNNNNNNNNNNNNNNNNNNNNNNNN gentle breeze NNNNNNNNNNNNNNNNNNNNNNNNN gentle breeze NNNNNNNNNNNNNNNNNNNNNNNNN
gentle breeze NNNNNNNNNN gentle breeze NNNNNNNNNN gentle breeze NNNNNNNNNN gentle breeze NNNNNNNNNN gentle breeze NNNNNNNNNN gentle breeze NNNNNNNNNN gentle breeze NNNNNNNNNN gentle breeze NNNNNNNNNN
gentle breeze NNNNNNNNNNNNNNNNN gentle breeze NNNNNNNNNNNNNNNNN gentle breeze NNNNNNNNNNNNNNNNN gentle breeze NNNNNNNNNNNNNNNNN gentle breeze NNNNNNNNNNNNNNNNN gentle breeze NNNNNNNNNNNNNNNNN gentle breeze NNNNNNNNNNNNNNNNN gentle breeze NNNNNNNNNNNNNNNNN
gentle breeze NNNNNNNNNNNNNNNNNNNNNNNN gentle breeze NNNNNNNNNNNNNNNNNNNNNNNN gentle breeze NNNNNNNNNNNNNNNNNNNNNNNN gentle breeze NNNNNNNNNNNNNNNNNNNNNNNN gentle breeze NNNNNNNNNNNNNNNNNNNNNNNN gentle breeze NNNNNNNNNNNNNNNNNNNNNNNN gentle breeze NNNNNNNNNNNNNNNNNNNNNNNN gentle breeze NNNNNNNNNNNNNNNNNNNNNNNN
gentle breeze NNNNNNNNN gentle breeze NNNNNNNNN gentle breeze NNNNNNNNN gentle breeze NNNNNNNNN gentle breeze NNNNNNNNN gentle breeze NNNNNNNNN gentle breeze NNNNNNNNN gentle breeze NNNNNNNNN
gentle breeze NNNNNNNNNNNNNNNN gentle breeze NNNNNNNNNNNNNNNN gentle breeze NNNNNNNNNNNNNNNN gentle breeze NNNNNNNNNNNNNNNN gentle breeze NNNNNNNNNNNNNNNN gentle breeze NNNNNNNNNNNNNNNN gentle breeze NNNNNNNNNNNNNNNN gentle breeze NNNNNNNNNNNNNNNN
gentle breeze NNNNNNNNNNNNNNNNNNNNNNN gentle breeze NNNNNNNNNNNNNNNNNNNNNNN gentle breeze NNNNNNNNNNNNNNNNNNNNNNN gentle breeze NNNNNNNNNNNNNNNNNNNNNNN gentle breeze NNNNNNNNNNNNNNNNNNNNNNN gentle breeze NNNNNNNNNNNNNNNNNNNNNNN gentle breeze NNNNNNNNNNNNNNNNNNNNNNN gentle breeze NNNNNNNNNNNNNNNNNNNNNNN
gentle breeze NNNNNNNN gentle breeze NNNNNNNN gentle breeze NNNNNNNN gentle breeze NNNNNNNN gentle breeze NNNNNNNN gentle breeze NNNNNNNN gentle breeze NNNNNNNN gentle breeze NNNNNNNN
gentle breeze NNNNNNNNNNNNNNN gentle breeze NNNNNNNNNNNNNNN gentle breeze NNNNNNNNNNNNNNN gentle breeze NNNNNNNNNNNNNNN gentle breeze NNNNNNNNNNNNNNN gentle breeze NNNNNNNNNNNNNNN gentle breeze NNNNNNNNNNNNNNN gentle breeze NNNNNNNNNNNNNNN
gentle breeze NNNNNNNNNNNNNNNNNNNNNN gentle breeze NNNNNNNNNNNNNNNNNNNNNN gentle breeze NNNNNNNNNNNNNNNNNNNNNN gentle breeze NNNNNNNNNNNNNNNNNNNNNN gentle breeze NNNNNNNNNNNNNNNNNNNNNN gentle breeze NNNNNNNNNNNNNNNNNNNNNN gentle breeze NNNNNNNNNNNNNNNNNNNNNN gentle breeze NNNNNNNNNNNNNNNNNNNNNN
